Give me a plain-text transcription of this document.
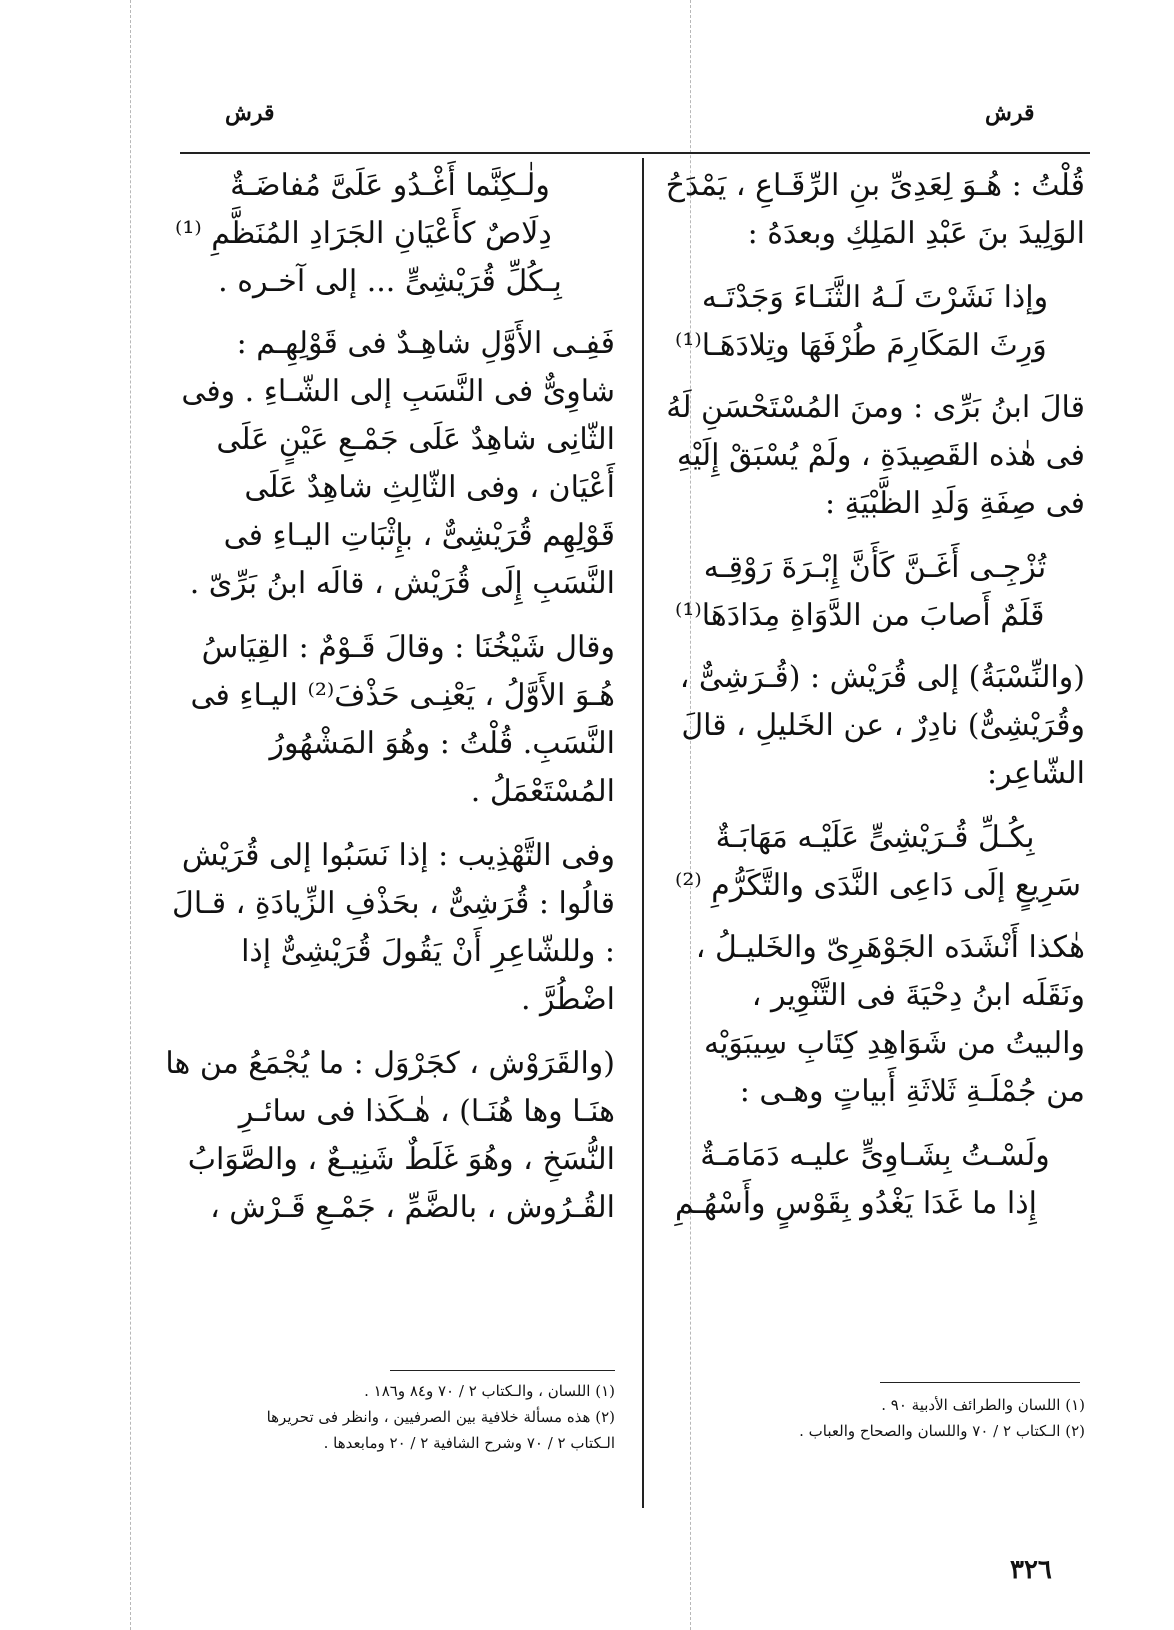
قرش
قرش

قُلْتُ : هُـوَ لِعَدِىِّ بنِ الرِّقَـاعِ ، يَمْدَحُ الوَلِيدَ بنَ عَبْدِ المَلِكِ وبعدَهُ :

وإذا نَشَرْتَ لَـهُ الثَّنَـاءَ وَجَدْتَـه
وَرِثَ المَكَارِمَ طُرْفَهَا وتِلادَهَـا⁽¹⁾

قالَ ابنُ بَرِّى : ومنَ المُسْتَحْسَنِ لَهُ فى هٰذه القَصِيدَةِ ، ولَمْ يُسْبَقْ إِلَيْهِ فى صِفَةِ وَلَدِ الظَّبْيَةِ :

تُزْجِـى أَغَـنَّ كَأَنَّ إِبْـرَةَ رَوْقِـه
قَلَمٌ أَصابَ من الدَّوَاةِ مِدَادَهَا⁽¹⁾

(والنِّسْبَةُ) إلى قُرَيْش : (قُـرَشِىٌّ ، وقُرَيْشِىٌّ) نادِرٌ ، عن الخَليلِ ، قالَ الشّاعِر:

بِكُـلِّ قُـرَيْشِىٍّ عَلَيْـه مَهَابَـةٌ
سَرِيعٍ إلَى دَاعِى النَّدَى والتَّكَرُّمِ ⁽²⁾

هٰكذا أَنْشَدَه الجَوْهَرِىّ والخَليـلُ ، ونَقَلَه ابنُ دِحْيَةَ فى التَّنْوِير ، والبيتُ من شَوَاهِدِ كِتَابِ سِيبَوَيْه من جُمْلَـةِ ثَلاثَةِ أَبياتٍ وهـى :

ولَسْـتُ بِشَـاوِىٍّ عليـه دَمَامَـةٌ
إِذا ما غَدَا يَغْدُو بِقَوْسٍ وأَسْهُـمِ
ولٰـكِنَّما أَغْـدُو عَلَىَّ مُفاضَـةٌ
دِلَاصٌ كأَعْيَانِ الجَرَادِ المُنَظَّمِ ⁽¹⁾
بِـكُلِّ قُرَيْشِىٍّ ... إلى آخـره .

فَفِـى الأَوَّلِ شاهِـدٌ فى قَوْلِهِـم : شاوِىٌّ فى النَّسَبِ إلى الشّـاءِ . وفى الثّانِى شاهِدٌ عَلَى جَمْـعِ عَيْنٍ عَلَى أَعْيَان ، وفى الثّالِثِ شاهِدٌ عَلَى قَوْلِهِم قُرَيْشِىٌّ ، بإِثْبَاتِ اليـاءِ فى النَّسَبِ إِلَى قُرَيْش ، قالَه ابنُ بَرِّىّ .

وقال شَيْخُنَا : وقالَ قَـوْمٌ : القِيَاسُ هُـوَ الأَوَّلُ ، يَعْنِـى حَذْفَ⁽²⁾ اليـاءِ فى النَّسَبِ. قُلْتُ : وهُوَ المَشْهُورُ المُسْتَعْمَلُ .

وفى التَّهْذِيب : إذا نَسَبُوا إلى قُرَيْش قالُوا : قُرَشِىٌّ ، بحَذْفِ الزِّيادَةِ ، قـالَ : وللشّاعِرِ أَنْ يَقُولَ قُرَيْشِىٌّ إذا اضْطُرَّ .

(والقَرَوْش ، كجَرْوَل : ما يُجْمَعُ من ها هنَـا وها هُنَـا) ، هٰـكَذا فى سائـرِ النُّسَخِ ، وهُوَ غَلَطٌ شَنِيـعٌ ، والصَّوَابُ القُـرُوش ، بالضَّمِّ ، جَمْـعِ قَـرْش ،

(١) اللسان والطرائف الأدبية ٩٠ .
(٢) الـكتاب ٢ / ٧٠ واللسان والصحاح والعباب .
(١) اللسان ، والـكتاب ٢ / ٧٠ و٨٤ و١٨٦ .
(٢) هذه مسألة خلافية بين الصرفيين ، وانظر فى تحريرها
الـكتاب ٢ / ٧٠ وشرح الشافية ٢ / ٢٠ ومابعدها .
٣٢٦
